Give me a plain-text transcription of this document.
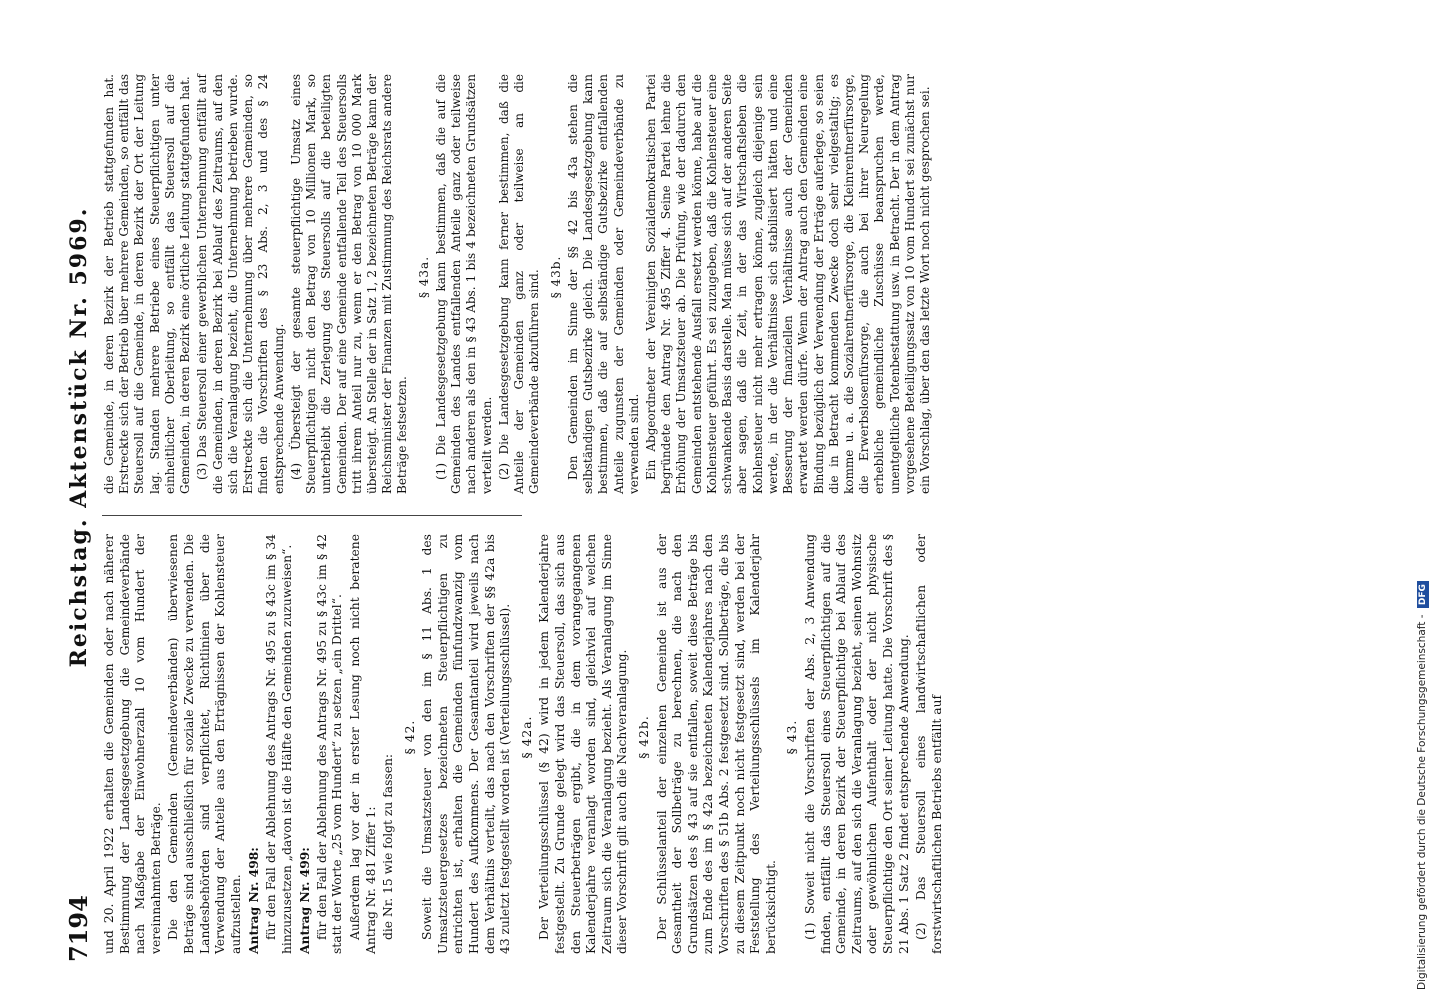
7194
Reichstag. Aktenstück Nr. 5969.

und 20. April 1922 erhalten die Gemeinden oder nach näherer Bestimmung der Landesgesetzgebung die Gemeindeverbände nach Maßgabe der Einwohnerzahl 10 vom Hundert der vereinnahmten Beträge. Die den Gemeinden (Gemeindeverbänden) überwiesenen Beträge sind ausschließlich für soziale Zwecke zu verwenden. Die Landesbehörden sind verpflichtet, Richtlinien über die Verwendung der Anteile aus den Erträgnissen der Kohlensteuer aufzustellen. Antrag Nr. 498: für den Fall der Ablehnung des Antrags Nr. 495 zu § 43c im § 34 hinzuzusetzen „davon ist die Hälfte den Gemeinden zuzuweisen“. Antrag Nr. 499: für den Fall der Ablehnung des Antrags Nr. 495 zu § 43c im § 42 statt der Worte „25 vom Hundert“ zu setzen „ein Drittel“. Außerdem lag vor der in erster Lesung noch nicht beratene Antrag Nr. 481 Ziffer 1: die Nr. 15 wie folgt zu fassen:

§ 42. Soweit die Umsatzsteuer von den im § 11 Abs. 1 des Umsatzsteuergesetzes bezeichneten Steuerpflichtigen zu entrichten ist, erhalten die Gemeinden fünfundzwanzig vom Hundert des Aufkommens. Der Gesamtanteil wird jeweils nach dem Verhältnis verteilt, das nach den Vorschriften der §§ 42a bis 43 zuletzt festgestellt worden ist (Verteilungsschlüssel). § 42a. Der Verteilungsschlüssel (§ 42) wird in jedem Kalenderjahre festgestellt. Zu Grunde gelegt wird das Steuersoll, das sich aus den Steuerbeträgen ergibt, die in dem vorangegangenen Kalenderjahre veranlagt worden sind, gleichviel auf welchen Zeitraum sich die Veranlagung bezieht. Als Veranlagung im Sinne dieser Vorschrift gilt auch die Nachveranlagung. § 42b. Der Schlüsselanteil der einzelnen Gemeinde ist aus der Gesamtheit der Sollbeträge zu berechnen, die nach den Grundsätzen des § 43 auf sie entfallen, soweit diese Beträge bis zum Ende des im § 42a bezeichneten Kalenderjahres nach den Vorschriften des § 51b Abs. 2 festgesetzt sind. Sollbeträge, die bis zu diesem Zeitpunkt noch nicht festgesetzt sind, werden bei der Feststellung des Verteilungsschlüssels im Kalenderjahr berücksichtigt.

§ 43. (1) Soweit nicht die Vorschriften der Abs. 2, 3 Anwendung finden, entfällt das Steuersoll eines Steuerpflichtigen auf die Gemeinde, in deren Bezirk der Steuerpflichtige bei Ablauf des Zeitraums, auf den sich die Veranlagung bezieht, seinen Wohnsitz oder gewöhnlichen Aufenthalt oder der nicht physische Steuerpflichtige den Ort seiner Leitung hatte. Die Vorschrift des § 21 Abs. 1 Satz 2 findet entsprechende Anwendung. (2) Das Steuersoll eines landwirtschaftlichen oder forstwirtschaftlichen Betriebs entfällt auf

die Gemeinde, in deren Bezirk der Betrieb stattgefunden hat. Erstreckte sich der Betrieb über mehrere Gemeinden, so entfällt das Steuersoll auf die Gemeinde, in deren Bezirk der Ort der Leitung lag. Standen mehrere Betriebe eines Steuerpflichtigen unter einheitlicher Oberleitung, so entfällt das Steuersoll auf die Gemeinden, in deren Bezirk eine örtliche Leitung stattgefunden hat. (3) Das Steuersoll einer gewerblichen Unternehmung entfällt auf die Gemeinden, in deren Bezirk bei Ablauf des Zeitraums, auf den sich die Veranlagung bezieht, die Unternehmung betrieben wurde. Erstreckte sich die Unternehmung über mehrere Gemeinden, so finden die Vorschriften des § 23 Abs. 2, 3 und des § 24 entsprechende Anwendung. (4) Übersteigt der gesamte steuerpflichtige Umsatz eines Steuerpflichtigen nicht den Betrag von 10 Millionen Mark, so unterbleibt die Zerlegung des Steuersolls auf die beteiligten Gemeinden. Der auf eine Gemeinde entfallende Teil des Steuersolls tritt ihrem Anteil nur zu, wenn er den Betrag von 10 000 Mark übersteigt. An Stelle der in Satz 1, 2 bezeichneten Beträge kann der Reichsminister der Finanzen mit Zustimmung des Reichsrats andere Beträge festsetzen.

§ 43a. (1) Die Landesgesetzgebung kann bestimmen, daß die auf die Gemeinden des Landes entfallenden Anteile ganz oder teilweise nach anderen als den in § 43 Abs. 1 bis 4 bezeichneten Grundsätzen verteilt werden. (2) Die Landesgesetzgebung kann ferner bestimmen, daß die Anteile der Gemeinden ganz oder teilweise an die Gemeindeverbände abzuführen sind. § 43b. Den Gemeinden im Sinne der §§ 42 bis 43a stehen die selbständigen Gutsbezirke gleich. Die Landesgesetzgebung kann bestimmen, daß die auf selbständige Gutsbezirke entfallenden Anteile zugunsten der Gemeinden oder Gemeindeverbände zu verwenden sind. Ein Abgeordneter der Vereinigten Sozialdemokratischen Partei begründete den Antrag Nr. 495 Ziffer 4. Seine Partei lehne die Erhöhung der Umsatzsteuer ab. Die Prüfung, wie der dadurch den Gemeinden entstehende Ausfall ersetzt werden könne, habe auf die Kohlensteuer geführt. Es sei zuzugeben, daß die Kohlensteuer eine schwankende Basis darstelle. Man müsse sich auf der anderen Seite aber sagen, daß die Zeit, in der das Wirtschaftsleben die Kohlensteuer nicht mehr ertragen könne, zugleich diejenige sein werde, in der die Verhältnisse sich stabilisiert hätten und eine Besserung der finanziellen Verhältnisse auch der Gemeinden erwartet werden dürfe. Wenn der Antrag auch den Gemeinden eine Bindung bezüglich der Verwendung der Erträge auferlege, so seien die in Betracht kommenden Zwecke doch sehr vielgestaltig; es komme u. a. die Sozialrentnerfürsorge, die Kleinrentnerfürsorge, die Erwerbslosenfürsorge, die auch bei ihrer Neuregelung erhebliche gemeindliche Zuschüsse beanspruchen werde, unentgeltliche Totenbestattung usw. in Betracht. Der in dem Antrag vorgesehene Beteiligungssatz von 10 vom Hundert sei zunächst nur ein Vorschlag, über den das letzte Wort noch nicht gesprochen sei.

Digitalisierung gefördert durch die Deutsche Forschungsgemeinschaft - DFG
